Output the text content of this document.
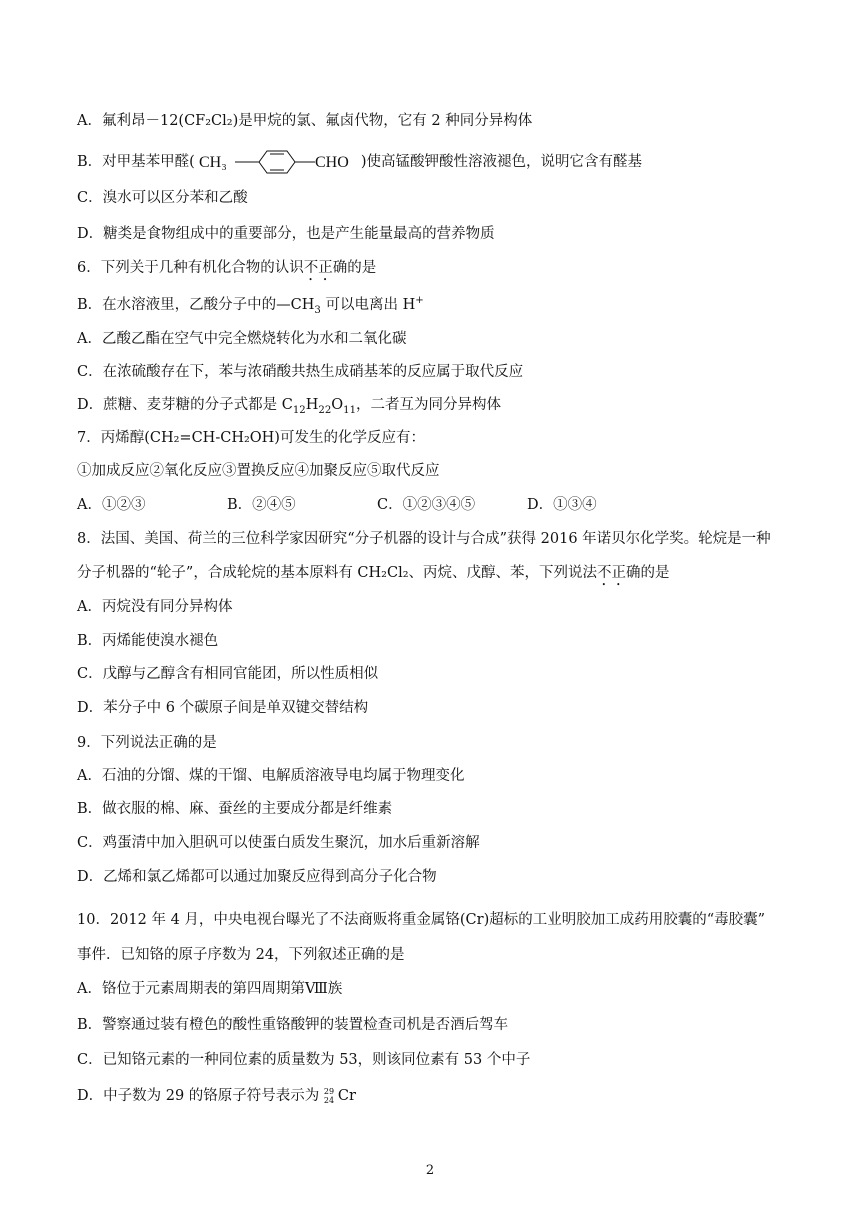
A．氟利昂－12(CF₂Cl₂)是甲烷的氯、氟卤代物，它有 2 种同分异构体
C．溴水可以区分苯和乙酸
D．糖类是食物组成中的重要部分，也是产生能量最高的营养物质
A．乙酸乙酯在空气中完全燃烧转化为水和二氧化碳
C．在浓硫酸存在下，苯与浓硝酸共热生成硝基苯的反应属于取代反应
7．丙烯醇(CH₂=CH-CH₂OH)可发生的化学反应有：
①加成反应②氧化反应③置换反应④加聚反应⑤取代反应
8．法国、美国、荷兰的三位科学家因研究“分子机器的设计与合成”获得 2016 年诺贝尔化学奖。轮烷是一种
A．丙烷没有同分异构体
B．丙烯能使溴水褪色
C．戊醇与乙醇含有相同官能团，所以性质相似
D．苯分子中 6 个碳原子间是单双键交替结构
9．下列说法正确的是
A．石油的分馏、煤的干馏、电解质溶液导电均属于物理变化
B．做衣服的棉、麻、蚕丝的主要成分都是纤维素
C．鸡蛋清中加入胆矾可以使蛋白质发生聚沉，加水后重新溶解
D．乙烯和氯乙烯都可以通过加聚反应得到高分子化合物
10．2012 年 4 月，中央电视台曝光了不法商贩将重金属铬(Cr)超标的工业明胶加工成药用胶囊的“毒胶囊”
事件．已知铬的原子序数为 24，下列叙述正确的是
A．铬位于元素周期表的第四周期第Ⅷ族
B．警察通过装有橙色的酸性重铬酸钾的装置检查司机是否酒后驾车
C．已知铬元素的一种同位素的质量数为 53，则该同位素有 53 个中子
B．对甲基苯甲醛( CH₃	CHO )使高锰酸钾酸性溶液褪色，说明它含有醛基
6．下列关于几种有机化合物的认识不正确的是
B．在水溶液里，乙酸分子中的$—CH_3$ 可以电离出 H+
D．蔗糖、麦芽糖的分子式都是 $C_{12}H_{22}O_{11}$，二者互为同分异构体
A．①②③	B．②④⑤	C．①②③④⑤	D．①③④
分子机器的“轮子”，合成轮烷的基本原料有 CH₂Cl₂、丙烷、戊醇、苯，下列说法不正确的是
D．中子数为 29 的铬原子符号表示为 29
24 Cr
2
